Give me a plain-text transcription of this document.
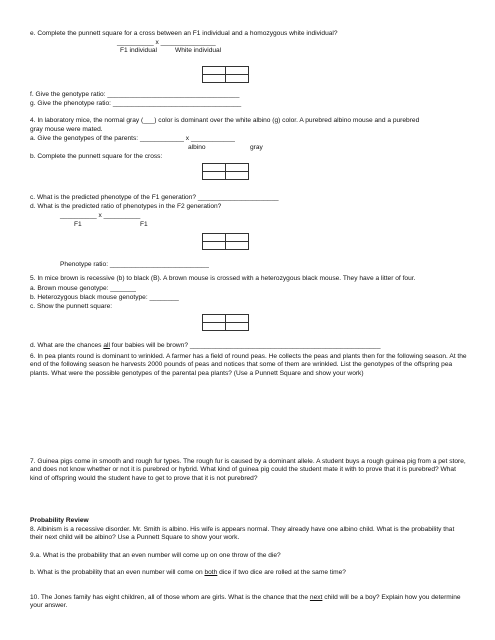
e. Complete the punnett square for a cross between an F1 individual and a homozygous white individual?
__________ x _______________
F1 individual	White individual

f. Give the genotype ratio: ____________________________________
g. Give the phenotype ratio: ___________________________________
4. In laboratory mice, the normal gray (___) color is dominant over the white albino (g) color. A purebred albino mouse and a purebred
gray mouse were mated.
a. Give the genotypes of the parents: ____________ x ____________
albino	gray
b. Complete the punnett square for the cross:

c. What is the predicted phenotype of the F1 generation? ______________________
d. What is the predicted ratio of phenotypes in the F2 generation?
__________ x __________
F1	F1

Phenotype ratio: ___________________________
5. In mice brown is recessive (b) to black (B). A brown mouse is crossed with a heterozygous black mouse. They have a litter of four.
a. Brown mouse genotype: _______
b. Heterozygous black mouse genotype: ________
c. Show the punnett square:

d. What are the chances all four babies will be brown? ____________________________________________________
6. In pea plants round is dominant to wrinkled. A farmer has a field of round peas. He collects the peas and plants then for the following season. At the end of the following season he harvests 2000 pounds of peas and notices that some of them are wrinkled. List the genotypes of the offspring pea plants. What were the possible genotypes of the parental pea plants? (Use a Punnett Square and show your work)
7. Guinea pigs come in smooth and rough fur types. The rough fur is caused by a dominant allele. A student buys a rough guinea pig from a pet store, and does not know whether or not it is purebred or hybrid. What kind of guinea pig could the student mate it with to prove that it is purebred? What kind of offspring would the student have to get to prove that it is not purebred?
Probability Review
8. Albinism is a recessive disorder. Mr. Smith is albino. His wife is appears normal. They already have one albino child. What is the probability that their next child will be albino? Use a Punnett Square to show your work.
9.a. What is the probability that an even number will come up on one throw of the die?
b. What is the probability that an even number will come on both dice if two dice are rolled at the same time?
10. The Jones family has eight children, all of those whom are girls. What is the chance that the next child will be a boy? Explain how you determine your answer.
